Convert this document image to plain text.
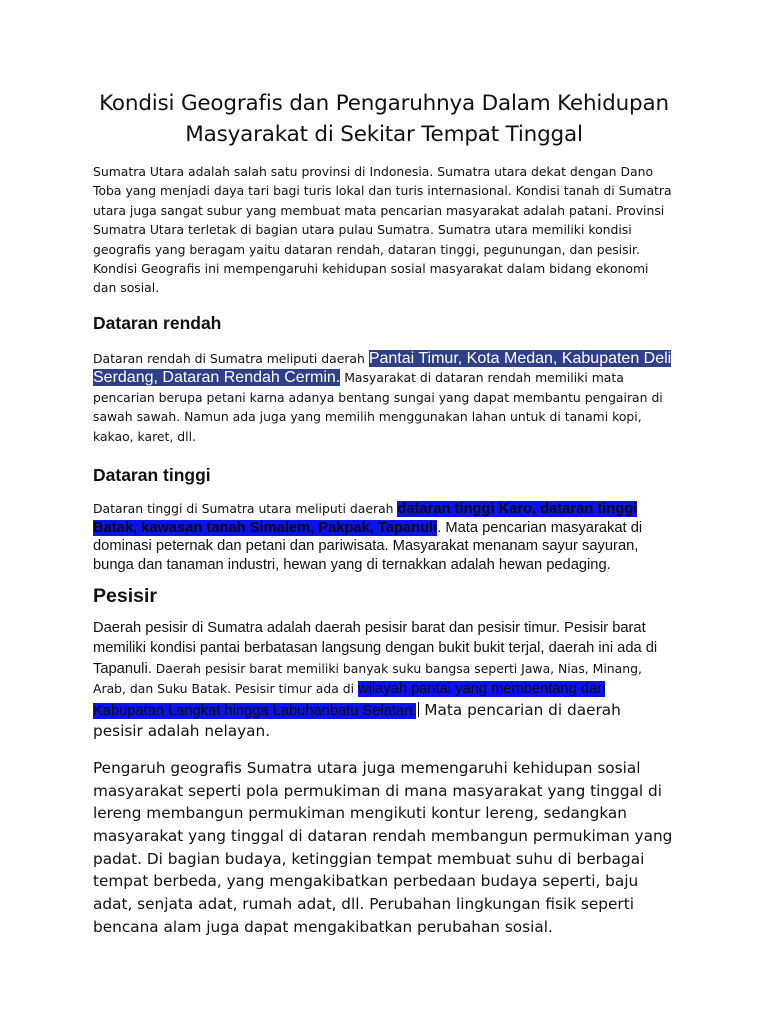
Kondisi Geografis dan Pengaruhnya Dalam Kehidupan Masyarakat di Sekitar Tempat Tinggal

Sumatra Utara adalah salah satu provinsi di Indonesia. Sumatra utara dekat dengan Dano Toba yang menjadi daya tari bagi turis lokal dan turis internasional. Kondisi tanah di Sumatra utara juga sangat subur yang membuat mata pencarian masyarakat adalah patani. Provinsi Sumatra Utara terletak di bagian utara pulau Sumatra. Sumatra utara memiliki kondisi geografis yang beragam yaitu dataran rendah, dataran tinggi, pegunungan, dan pesisir. Kondisi Geografis ini mempengaruhi kehidupan sosial masyarakat dalam bidang ekonomi dan sosial.

Dataran rendah

Dataran rendah di Sumatra meliputi daerah Pantai Timur, Kota Medan, Kabupaten Deli Serdang, Dataran Rendah Cermin. Masyarakat di dataran rendah memiliki mata pencarian berupa petani karna adanya bentang sungai yang dapat membantu pengairan di sawah sawah. Namun ada juga yang memilih menggunakan lahan untuk di tanami kopi, kakao, karet, dll.

Dataran tinggi

Dataran tinggi di Sumatra utara meliputi daerah dataran tinggi Karo, dataran tinggi Batak, kawasan tanah Simalem, Pakpak, Tapanuli. Mata pencarian masyarakat di dominasi peternak dan petani dan pariwisata. Masyarakat menanam sayur sayuran, bunga dan tanaman industri, hewan yang di ternakkan adalah hewan pedaging.

Pesisir

Daerah pesisir di Sumatra adalah daerah pesisir barat dan pesisir timur. Pesisir barat memiliki kondisi pantai berbatasan langsung dengan bukit bukit terjal, daerah ini ada di Tapanuli. Daerah pesisir barat memiliki banyak suku bangsa seperti Jawa, Nias, Minang, Arab, dan Suku Batak. Pesisir timur ada di wilayah pantai yang membentang dari Kabupatan Langkat hingga Labuhanbatu Selatan. Mata pencarian di daerah pesisir adalah nelayan.

Pengaruh geografis Sumatra utara juga memengaruhi kehidupan sosial masyarakat seperti pola permukiman di mana masyarakat yang tinggal di lereng membangun permukiman mengikuti kontur lereng, sedangkan masyarakat yang tinggal di dataran rendah membangun permukiman yang padat. Di bagian budaya, ketinggian tempat membuat suhu di berbagai tempat berbeda, yang mengakibatkan perbedaan budaya seperti, baju adat, senjata adat, rumah adat, dll. Perubahan lingkungan fisik seperti bencana alam juga dapat mengakibatkan perubahan sosial.
